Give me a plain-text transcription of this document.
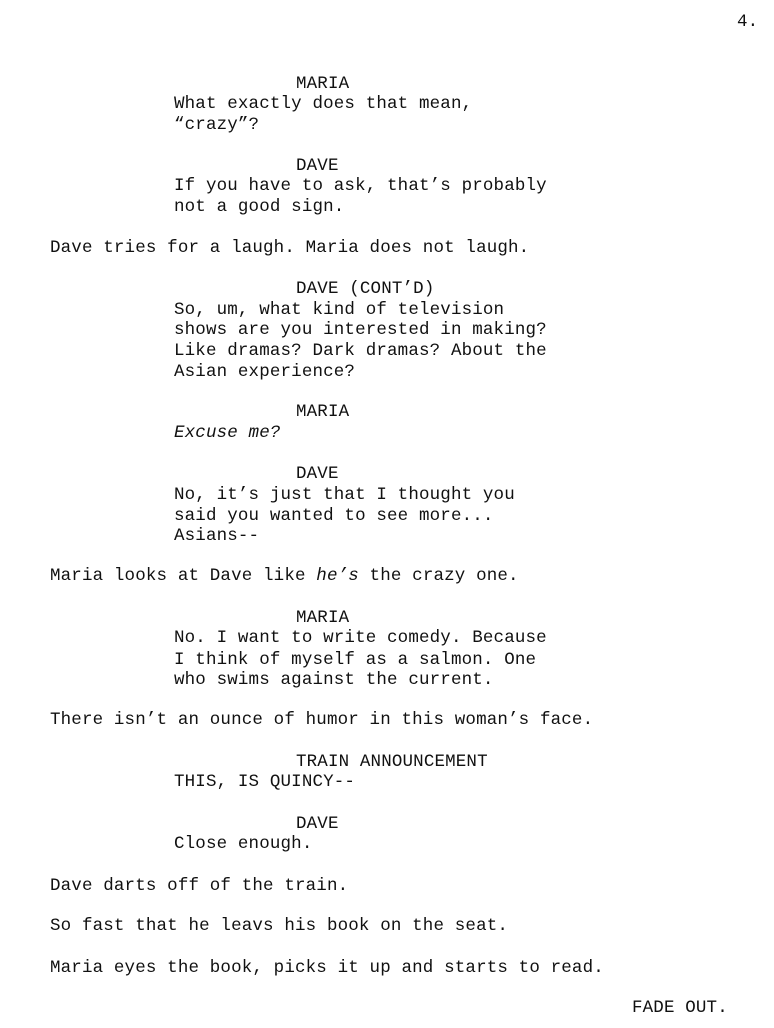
4.
MARIA
What exactly does that mean,
“crazy”?
DAVE
If you have to ask, that’s probably
not a good sign.
Dave tries for a laugh. Maria does not laugh.
DAVE (CONT’D)
So, um, what kind of television
shows are you interested in making?
Like dramas? Dark dramas? About the
Asian experience?
MARIA
Excuse me?
DAVE
No, it’s just that I thought you
said you wanted to see more...
Asians--
Maria looks at Dave like he’s the crazy one.
MARIA
No. I want to write comedy. Because
I think of myself as a salmon. One
who swims against the current.
There isn’t an ounce of humor in this woman’s face.
TRAIN ANNOUNCEMENT
THIS, IS QUINCY--
DAVE
Close enough.
Dave darts off of the train.
So fast that he leavs his book on the seat.
Maria eyes the book, picks it up and starts to read.
FADE OUT.
